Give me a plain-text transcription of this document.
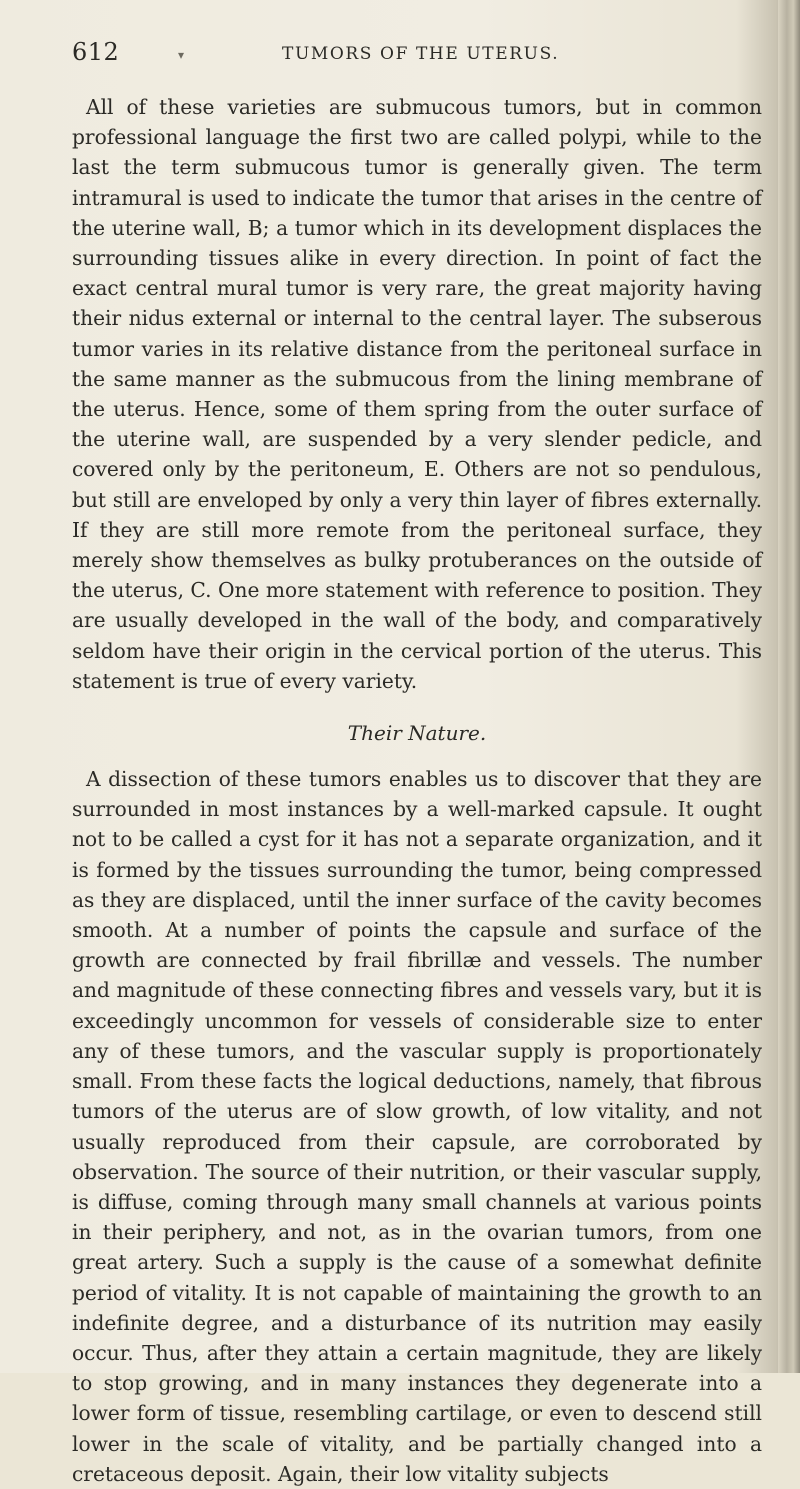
612	▾	TUMORS OF THE UTERUS.

All of these varieties are submucous tumors, but in common professional language the first two are called polypi, while to the last the term submucous tumor is generally given. The term intramural is used to indicate the tumor that arises in the centre of the uterine wall, B; a tumor which in its development displaces the surrounding tissues alike in every direction. In point of fact the exact central mural tumor is very rare, the great majority having their nidus external or internal to the central layer. The subserous tumor varies in its relative distance from the peritoneal surface in the same manner as the submucous from the lining membrane of the uterus. Hence, some of them spring from the outer surface of the uterine wall, are suspended by a very slender pedicle, and covered only by the peritoneum, E. Others are not so pendulous, but still are enveloped by only a very thin layer of fibres externally. If they are still more remote from the peritoneal surface, they merely show themselves as bulky protuberances on the outside of the uterus, C. One more statement with reference to position. They are usually developed in the wall of the body, and comparatively seldom have their origin in the cervical portion of the uterus. This statement is true of every variety.

Their Nature.

A dissection of these tumors enables us to discover that they are surrounded in most instances by a well-marked capsule. It ought not to be called a cyst for it has not a separate organization, and it is formed by the tissues surrounding the tumor, being compressed as they are displaced, until the inner surface of the cavity becomes smooth. At a number of points the capsule and surface of the growth are connected by frail fibrillæ and vessels. The number and magnitude of these connecting fibres and vessels vary, but it is exceedingly uncommon for vessels of considerable size to enter any of these tumors, and the vascular supply is proportionately small. From these facts the logical deductions, namely, that fibrous tumors of the uterus are of slow growth, of low vitality, and not usually reproduced from their capsule, are corroborated by observation. The source of their nutrition, or their vascular supply, is diffuse, coming through many small channels at various points in their periphery, and not, as in the ovarian tumors, from one great artery. Such a supply is the cause of a somewhat definite period of vitality. It is not capable of maintaining the growth to an indefinite degree, and a disturbance of its nutrition may easily occur. Thus, after they attain a certain magnitude, they are likely to stop growing, and in many instances they degenerate into a lower form of tissue, resembling cartilage, or even to descend still lower in the scale of vitality, and be partially changed into a cretaceous deposit. Again, their low vitality subjects
